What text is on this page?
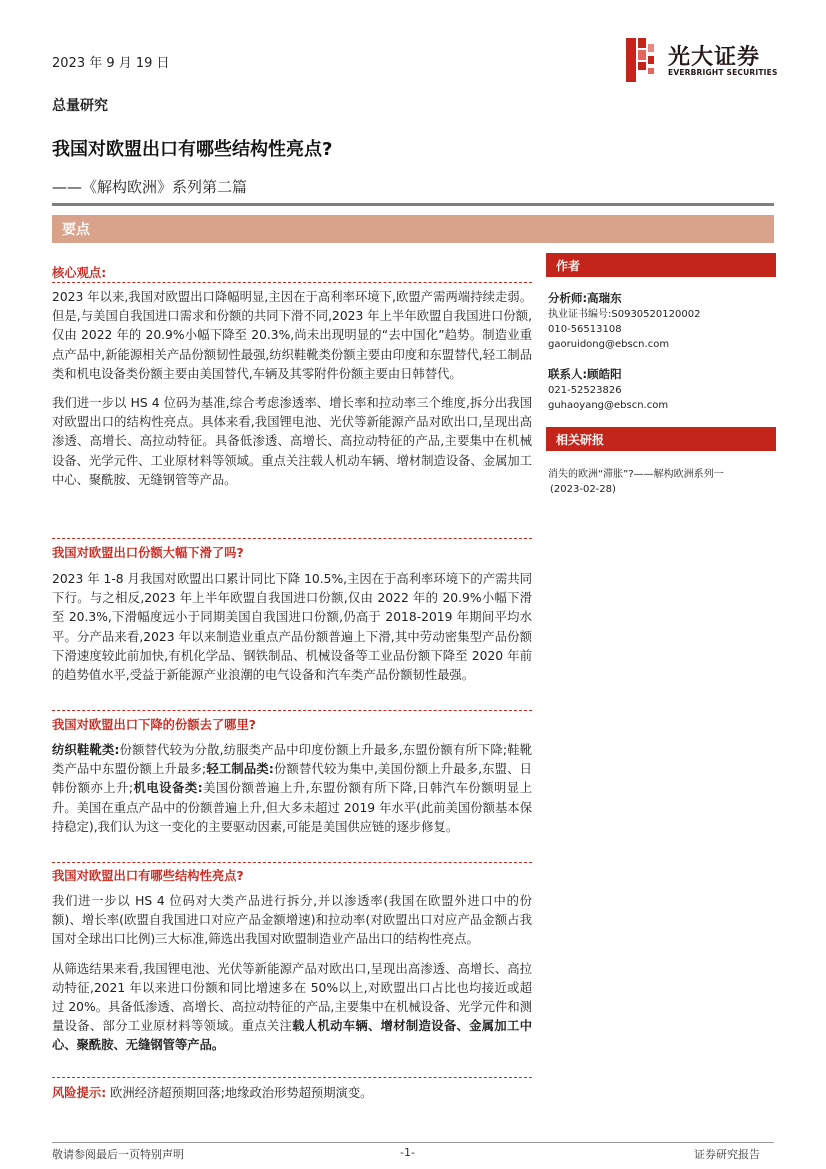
2023 年 9 月 19 日	光大证券
EVERBRIGHT SECURITIES
总量研究
我国对欧盟出口有哪些结构性亮点?
——《解构欧洲》系列第二篇
要点
核心观点:

2023 年以来,我国对欧盟出口降幅明显,主因在于高利率环境下,欧盟产需两端持续走弱。但是,与美国自我国进口需求和份额的共同下滑不同,2023 年上半年欧盟自我国进口份额,仅由 2022 年的 20.9%小幅下降至 20.3%,尚未出现明显的“去中国化”趋势。制造业重点产品中,新能源相关产品份额韧性最强,纺织鞋靴类份额主要由印度和东盟替代,轻工制品类和机电设备类份额主要由美国替代,车辆及其零附件份额主要由日韩替代。

我们进一步以 HS 4 位码为基准,综合考虑渗透率、增长率和拉动率三个维度,拆分出我国对欧盟出口的结构性亮点。具体来看,我国锂电池、光伏等新能源产品对欧出口,呈现出高渗透、高增长、高拉动特征。具备低渗透、高增长、高拉动特征的产品,主要集中在机械设备、光学元件、工业原材料等领域。重点关注载人机动车辆、增材制造设备、金属加工中心、聚酰胺、无缝钢管等产品。

我国对欧盟出口份额大幅下滑了吗?

2023 年 1-8 月我国对欧盟出口累计同比下降 10.5%,主因在于高利率环境下的产需共同下行。与之相反,2023 年上半年欧盟自我国进口份额,仅由 2022 年的 20.9%小幅下滑至 20.3%,下滑幅度远小于同期美国自我国进口份额,仍高于 2018-2019 年期间平均水平。分产品来看,2023 年以来制造业重点产品份额普遍上下滑,其中劳动密集型产品份额下滑速度较此前加快,有机化学品、钢铁制品、机械设备等工业品份额下降至 2020 年前的趋势值水平,受益于新能源产业浪潮的电气设备和汽车类产品份额韧性最强。

我国对欧盟出口下降的份额去了哪里?

纺织鞋靴类:份额替代较为分散,纺服类产品中印度份额上升最多,东盟份额有所下降;鞋靴类产品中东盟份额上升最多;轻工制品类:份额替代较为集中,美国份额上升最多,东盟、日韩份额亦上升;机电设备类:美国份额普遍上升,东盟份额有所下降,日韩汽车份额明显上升。美国在重点产品中的份额普遍上升,但大多未超过 2019 年水平(此前美国份额基本保持稳定),我们认为这一变化的主要驱动因素,可能是美国供应链的逐步修复。

我国对欧盟出口有哪些结构性亮点?

我们进一步以 HS 4 位码对大类产品进行拆分,并以渗透率(我国在欧盟外进口中的份额)、增长率(欧盟自我国进口对应产品金额增速)和拉动率(对欧盟出口对应产品金额占我国对全球出口比例)三大标准,筛选出我国对欧盟制造业产品出口的结构性亮点。

从筛选结果来看,我国锂电池、光伏等新能源产品对欧出口,呈现出高渗透、高增长、高拉动特征,2021 年以来进口份额和同比增速多在 50%以上,对欧盟出口占比也均接近或超过 20%。具备低渗透、高增长、高拉动特征的产品,主要集中在机械设备、光学元件和测量设备、部分工业原材料等领域。重点关注载人机动车辆、增材制造设备、金属加工中心、聚酰胺、无缝钢管等产品。

风险提示: 欧洲经济超预期回落;地缘政治形势超预期演变。
作者
分析师:高瑞东
执业证书编号:S0930520120002
010-56513108
gaoruidong@ebscn.com
联系人:顾皓阳
021-52523826
guhaoyang@ebscn.com
相关研报
消失的欧洲“滞胀”?——解构欧洲系列一
(2023-02-28)
敬请参阅最后一页特别声明	-1-	证券研究报告
